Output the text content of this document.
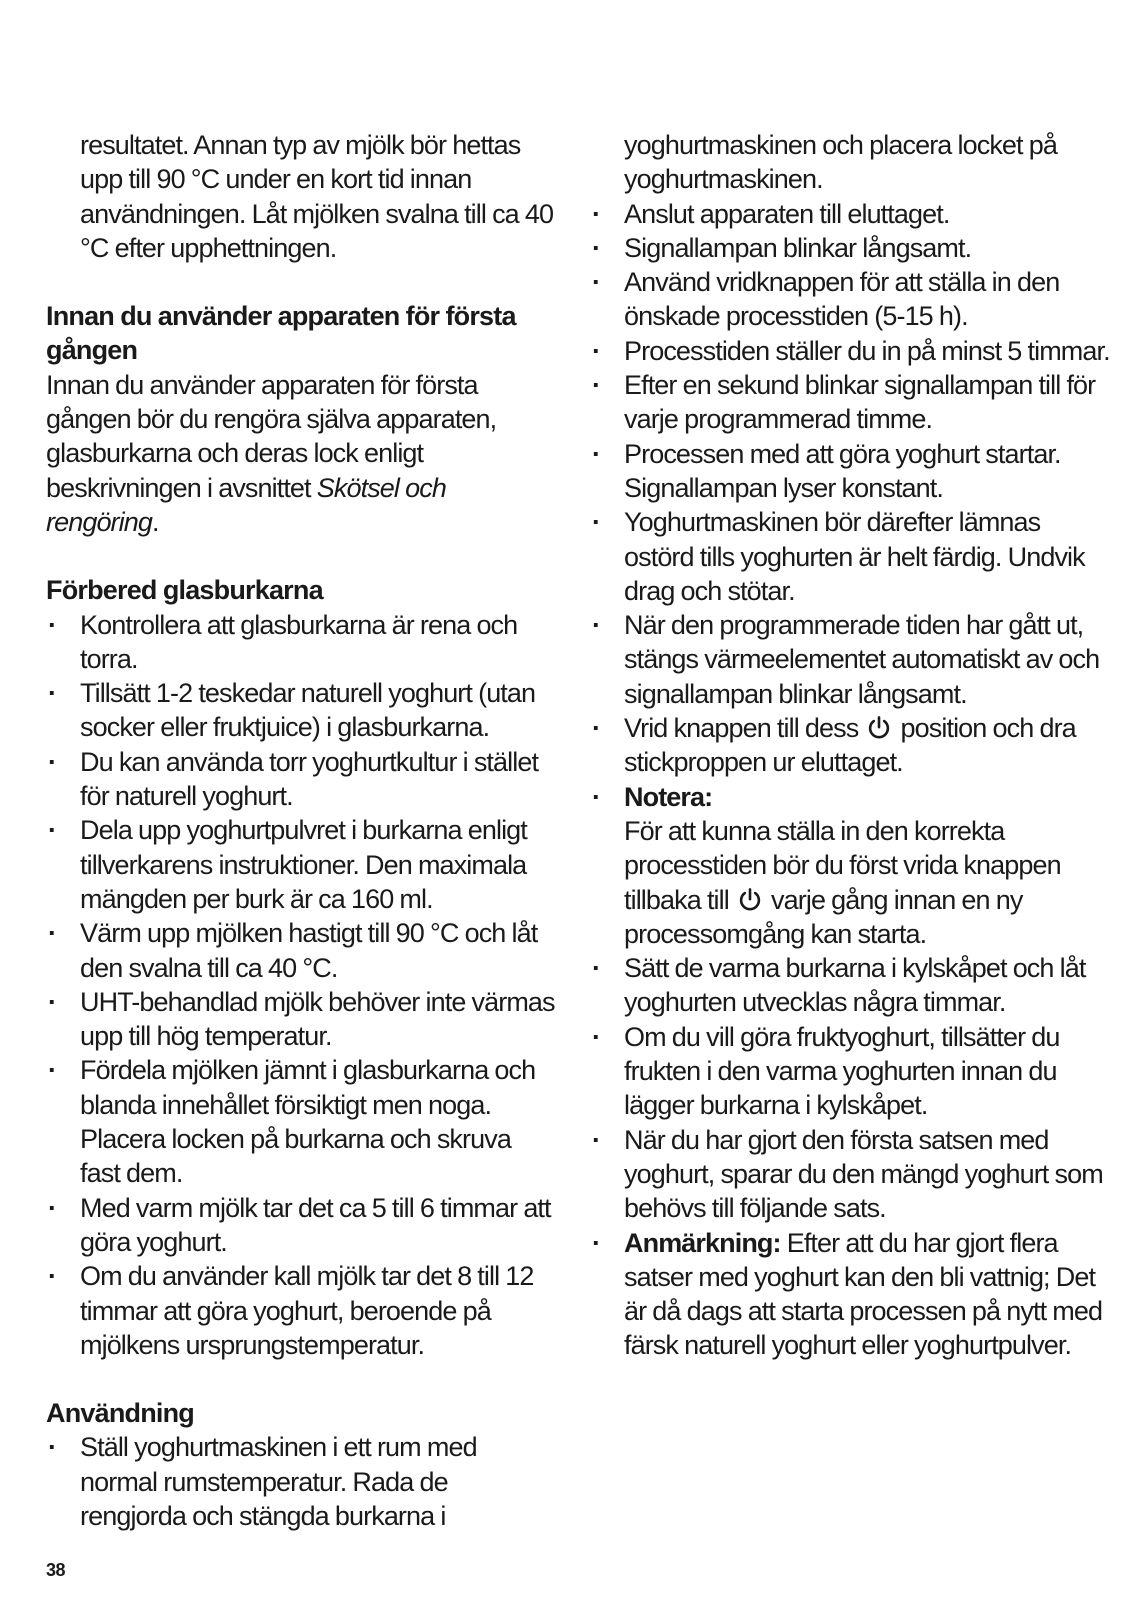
resultatet. Annan typ av mjölk bör hettas upp till 90 °C under en kort tid innan användningen. Låt mjölken svalna till ca 40 °C efter upphettningen.

Innan du använder apparaten för första gången

Innan du använder apparaten för första gången bör du rengöra själva apparaten, glasburkarna och deras lock enligt beskrivningen i avsnittet Skötsel och rengöring.

Förbered glasburkarna
· Kontrollera att glasburkarna är rena och torra.
· Tillsätt 1-2 teskedar naturell yoghurt (utan socker eller fruktjuice) i glasburkarna.
· Du kan använda torr yoghurtkultur i stället för naturell yoghurt.
· Dela upp yoghurtpulvret i burkarna enligt tillverkarens instruktioner. Den maximala mängden per burk är ca 160 ml.
· Värm upp mjölken hastigt till 90 °C och låt den svalna till ca 40 °C.
· UHT-behandlad mjölk behöver inte värmas upp till hög temperatur.
· Fördela mjölken jämnt i glasburkarna och blanda innehållet försiktigt men noga. Placera locken på burkarna och skruva fast dem.
· Med varm mjölk tar det ca 5 till 6 timmar att göra yoghurt.
· Om du använder kall mjölk tar det 8 till 12 timmar att göra yoghurt, beroende på mjölkens ursprungstemperatur.
Användning
· Ställ yoghurtmaskinen i ett rum med normal rumstemperatur. Rada de rengjorda och stängda burkarna i

yoghurtmaskinen och placera locket på yoghurtmaskinen.

· Anslut apparaten till eluttaget.
· Signallampan blinkar långsamt.
· Använd vridknappen för att ställa in den önskade processtiden (5-15 h).
· Processtiden ställer du in på minst 5 timmar.
· Efter en sekund blinkar signallampan till för varje programmerad timme.
· Processen med att göra yoghurt startar. Signallampan lyser konstant.
· Yoghurtmaskinen bör därefter lämnas ostörd tills yoghurten är helt färdig. Undvik drag och stötar.
· När den programmerade tiden har gått ut, stängs värmeelementet automatiskt av och signallampan blinkar långsamt.
· Vrid knappen till dess  position och dra stickproppen ur eluttaget.
· Notera:
För att kunna ställa in den korrekta processtiden bör du först vrida knappen tillbaka till  varje gång innan en ny processomgång kan starta.
· Sätt de varma burkarna i kylskåpet och låt yoghurten utvecklas några timmar.
· Om du vill göra fruktyoghurt, tillsätter du frukten i den varma yoghurten innan du lägger burkarna i kylskåpet.
· När du har gjort den första satsen med yoghurt, sparar du den mängd yoghurt som behövs till följande sats.
· Anmärkning: Efter att du har gjort flera satser med yoghurt kan den bli vattnig; Det är då dags att starta processen på nytt med färsk naturell yoghurt eller yoghurtpulver.
38
